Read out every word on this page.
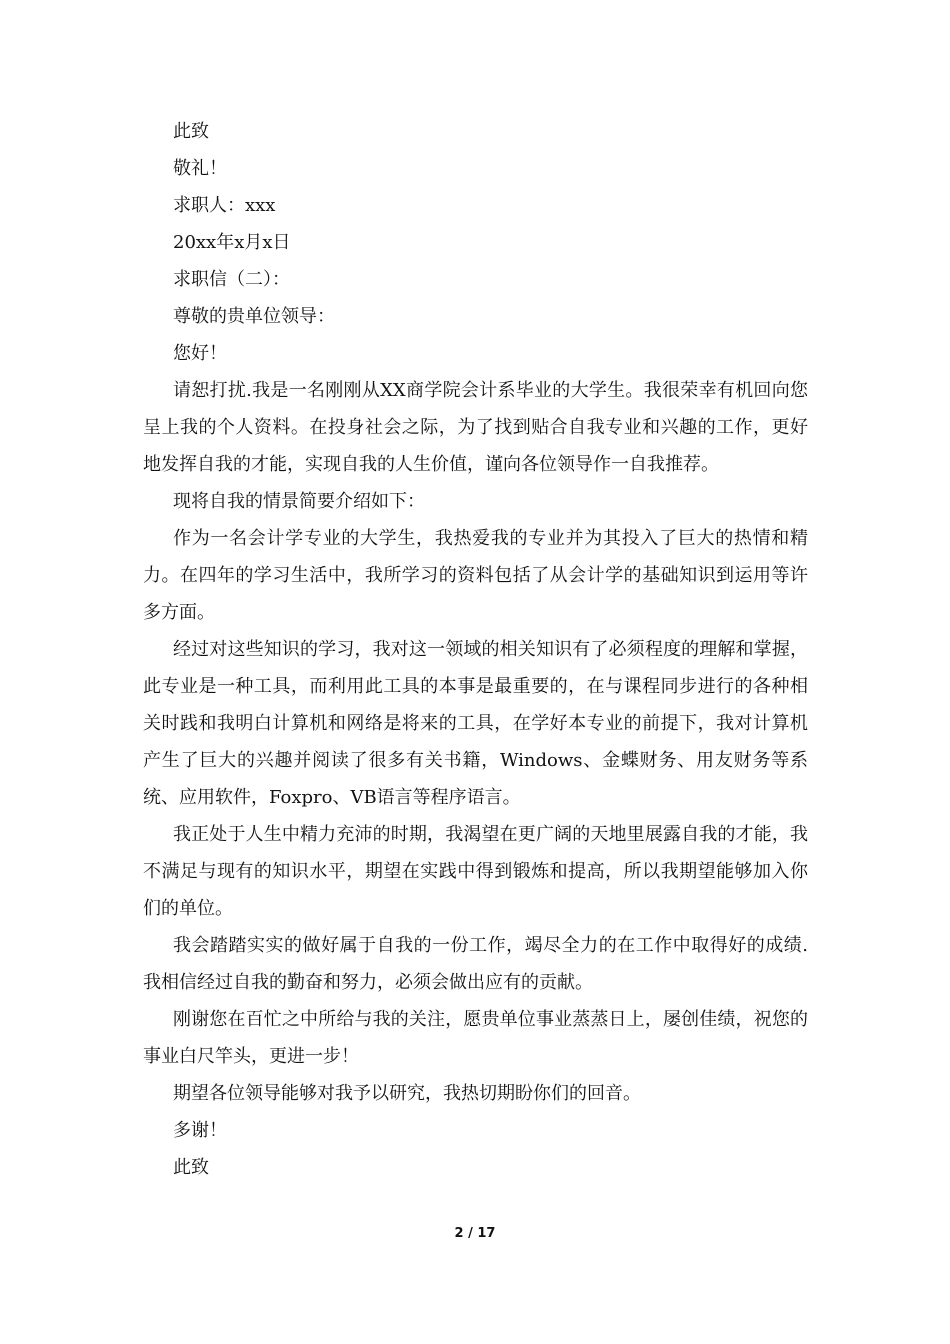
此致
敬礼！
求职人：xxx
20xx年x月x日
求职信（二）：
尊敬的贵单位领导：
您好！

请恕打扰.我是一名刚刚从XX商学院会计系毕业的大学生。我很荣幸有机回向您呈上我的个人资料。在投身社会之际，为了找到贴合自我专业和兴趣的工作，更好地发挥自我的才能，实现自我的人生价值，谨向各位领导作一自我推荐。

现将自我的情景简要介绍如下：

作为一名会计学专业的大学生，我热爱我的专业并为其投入了巨大的热情和精力。在四年的学习生活中，我所学习的资料包括了从会计学的基础知识到运用等许多方面。

经过对这些知识的学习，我对这一领域的相关知识有了必须程度的理解和掌握，此专业是一种工具，而利用此工具的本事是最重要的，在与课程同步进行的各种相关时践和我明白计算机和网络是将来的工具，在学好本专业的前提下，我对计算机产生了巨大的兴趣并阅读了很多有关书籍，Windows、金蝶财务、用友财务等系统、应用软件，Foxpro、VB语言等程序语言。

我正处于人生中精力充沛的时期，我渴望在更广阔的天地里展露自我的才能，我不满足与现有的知识水平，期望在实践中得到锻炼和提高，所以我期望能够加入你们的单位。

我会踏踏实实的做好属于自我的一份工作，竭尽全力的在工作中取得好的成绩.我相信经过自我的勤奋和努力，必须会做出应有的贡献。

刚谢您在百忙之中所给与我的关注，愿贵单位事业蒸蒸日上，屡创佳绩，祝您的事业白尺竿头，更进一步！

期望各位领导能够对我予以研究，我热切期盼你们的回音。
多谢！
此致
2 / 17
